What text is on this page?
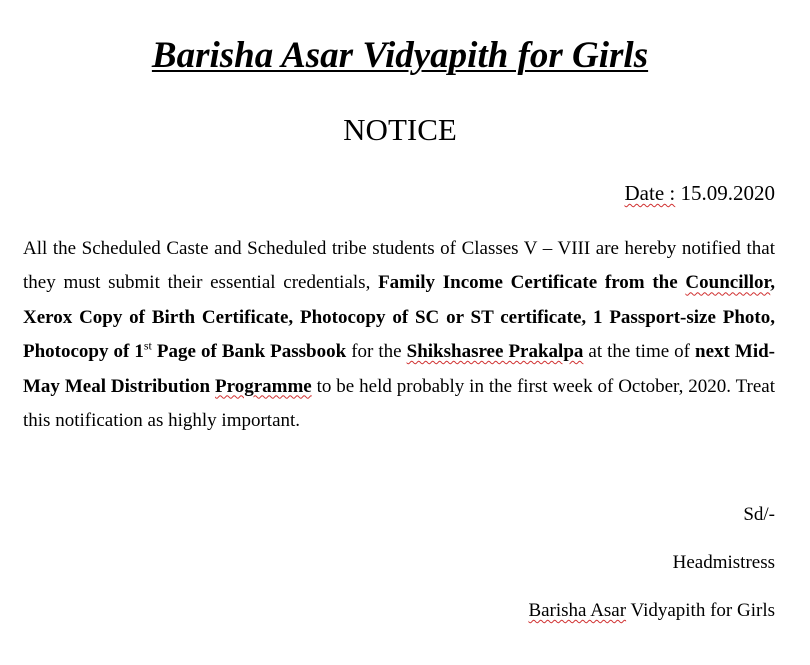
Barisha Asar Vidyapith for Girls
NOTICE
Date : 15.09.2020
All the Scheduled Caste and Scheduled tribe students of Classes V – VIII are hereby notified that they must submit their essential credentials, Family Income Certificate from the Councillor, Xerox Copy of Birth Certificate, Photocopy of SC or ST certificate, 1 Passport-size Photo, Photocopy of 1st Page of Bank Passbook for the Shikshasree Prakalpa at the time of next Mid-May Meal Distribution Programme to be held probably in the first week of October, 2020. Treat this notification as highly important.
Sd/-
Headmistress
Barisha Asar Vidyapith for Girls
